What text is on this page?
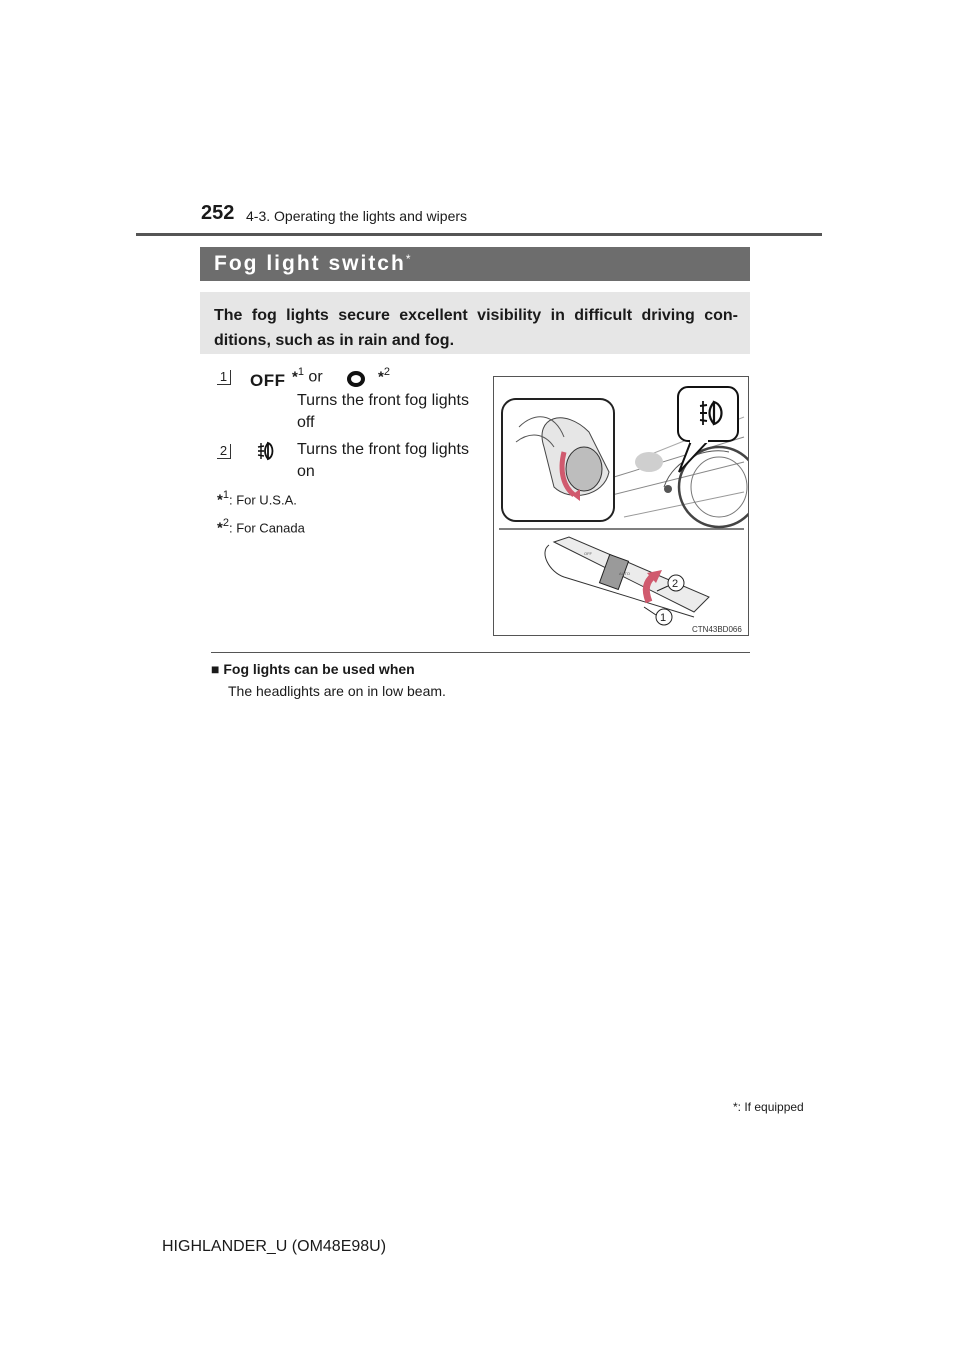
252 4-3. Operating the lights and wipers
Fog light switch*
The fog lights secure excellent visibility in difficult driving con-ditions, such as in rain and fog.
1 OFF *$^1$ or	*$^2$
Turns the front fog lights
off
2	Turns the front fog lights
on
*$^1$: For U.S.A.
*$^2$: For Canada
OFF
AUTO
2
1
CTN43BD066
■ Fog lights can be used when
The headlights are on in low beam.
*: If equipped
HIGHLANDER_U (OM48E98U)
